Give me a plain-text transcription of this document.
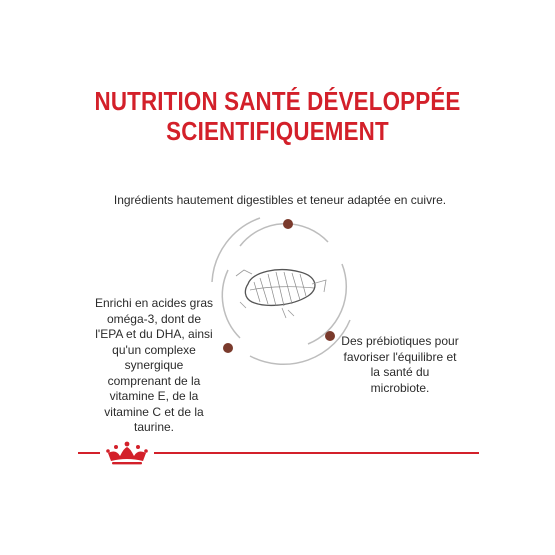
NUTRITION SANTÉ DÉVELOPPÉE
SCIENTIFIQUEMENT
Ingrédients hautement digestibles et teneur adaptée en cuivre.
Enrichi en acides gras oméga-3, dont de l'EPA et du DHA, ainsi qu'un complexe synergique comprenant de la vitamine E, de la vitamine C et de la taurine.
Des prébiotiques pour favoriser l'équilibre et la santé du microbiote.
